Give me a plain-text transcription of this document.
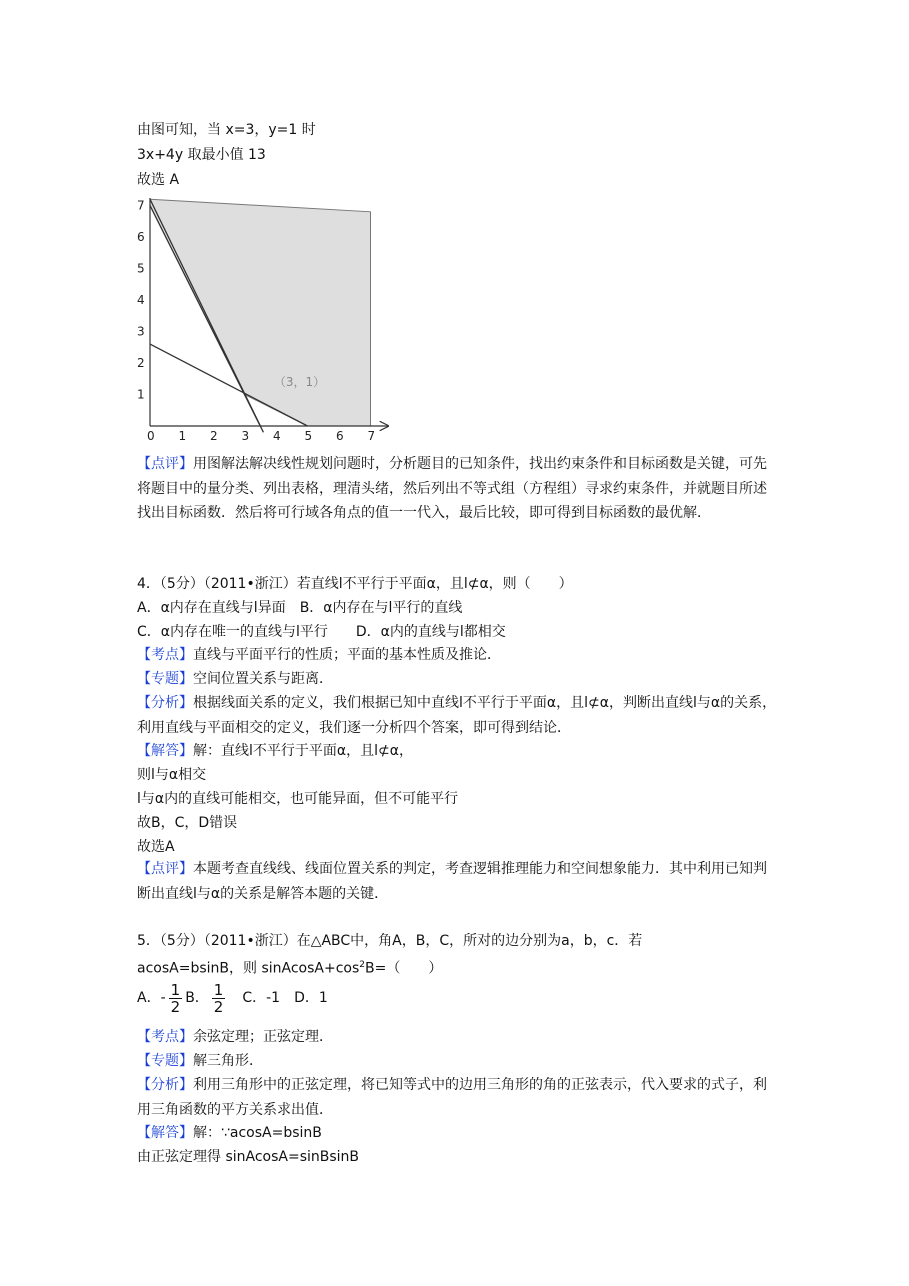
由图可知，当 x=3，y=1 时
3x+4y 取最小值 13
故选 A
0 1 2 3 4 5 6 7
1
2
3
4
5
6
7
（3，1）
【点评】用图解法解决线性规划问题时，分析题目的已知条件，找出约束条件和目标函数是关键，可先将题目中的量分类、列出表格，理清头绪，然后列出不等式组（方程组）寻求约束条件，并就题目所述找出目标函数．然后将可行域各角点的值一一代入，最后比较，即可得到目标函数的最优解．
4．（5分）（2011•浙江）若直线l不平行于平面α，且l⊄α，则（　　）
A．α内存在直线与l异面　B．α内存在与l平行的直线
C．α内存在唯一的直线与l平行　　D．α内的直线与l都相交
【考点】直线与平面平行的性质；平面的基本性质及推论．
【专题】空间位置关系与距离．
【分析】根据线面关系的定义，我们根据已知中直线l不平行于平面α，且l⊄α，判断出直线l与α的关系，利用直线与平面相交的定义，我们逐一分析四个答案，即可得到结论．
【解答】解：直线l不平行于平面α，且l⊄α，
则l与α相交
l与α内的直线可能相交，也可能异面，但不可能平行
故B，C，D错误
故选A
【点评】本题考查直线线、线面位置关系的判定，考查逻辑推理能力和空间想象能力．其中利用已知判断出直线l与α的关系是解答本题的关键．
5．（5分）（2011•浙江）在△ABC中，角A，B，C，所对的边分别为a，b，c．若
acosA=bsinB，则 $sinAcosA+\cos^2B=$（　　）
A．- $\frac{1}{2}$ B． $\frac{1}{2}$ C．-1　D．1
【考点】余弦定理；正弦定理．
【专题】解三角形．
【分析】利用三角形中的正弦定理，将已知等式中的边用三角形的角的正弦表示，代入要求的式子，利用三角函数的平方关系求出值．
【解答】解：∵acosA=bsinB
由正弦定理得 sinAcosA=sinBsinB
